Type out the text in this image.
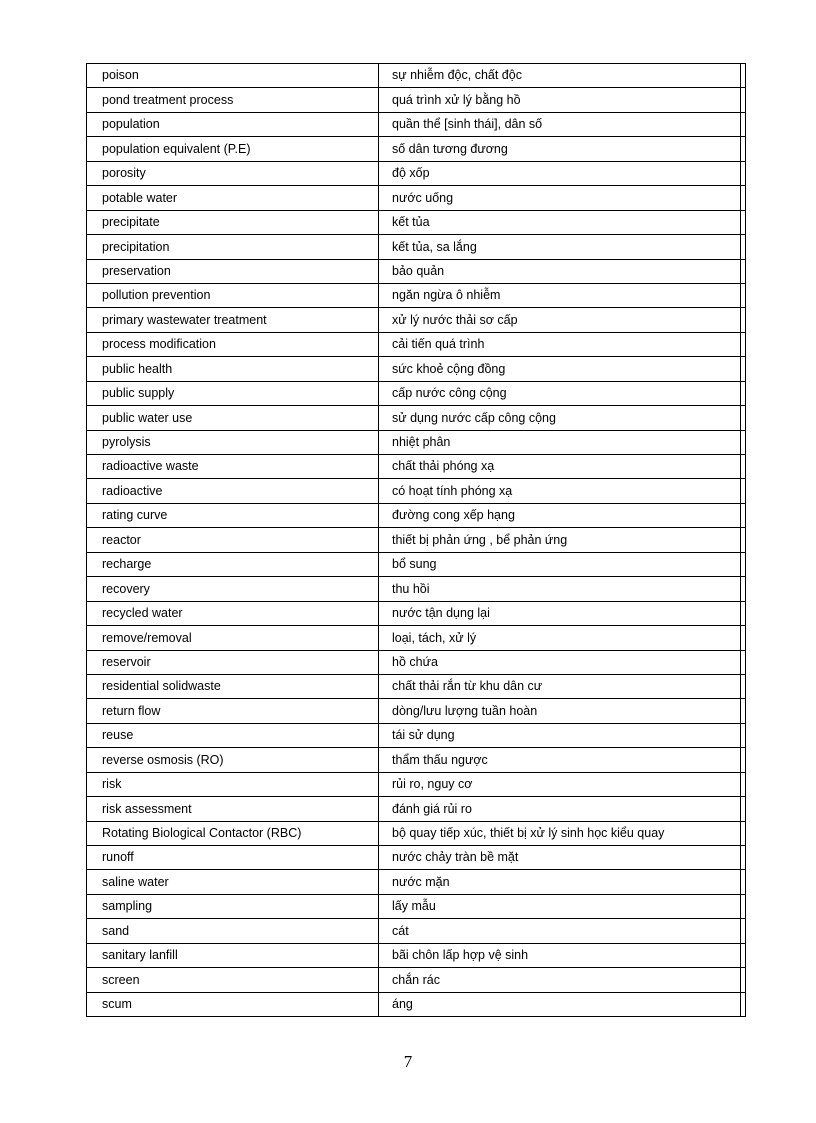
poison	sự nhiễm độc, chất độc	
pond treatment process	quá trình xử lý bằng hồ	
population	quần thể [sinh thái], dân số	
population equivalent (P.E)	số dân tương đương	
porosity	độ xốp	
potable water	nước uống	
precipitate	kết tủa	
precipitation	kết tủa, sa lắng	
preservation	bảo quản	
pollution prevention	ngăn ngừa ô nhiễm	
primary wastewater treatment	xử lý nước thải sơ cấp	
process modification	cải tiến quá trình	
public health	sức khoẻ cộng đồng	
public supply	cấp nước công cộng	
public water use	sử dụng nước cấp công cộng	
pyrolysis	nhiệt phân	
radioactive waste	chất thải phóng xạ	
radioactive	có hoạt tính phóng xạ	
rating curve	đường cong xếp hạng	
reactor	thiết bị phản ứng , bể phản ứng	
recharge	bổ sung	
recovery	thu hồi	
recycled water	nước tận dụng lại	
remove/removal	loại, tách, xử lý	
reservoir	hồ chứa	
residential solidwaste	chất thải rắn từ khu dân cư	
return flow	dòng/lưu lượng tuần hoàn	
reuse	tái sử dụng	
reverse osmosis (RO)	thẩm thấu ngược	
risk	rủi ro, nguy cơ	
risk assessment	đánh giá rủi ro	
Rotating Biological Contactor (RBC)	bộ quay tiếp xúc, thiết bị xử lý sinh học kiểu quay	
runoff	nước chảy tràn bề mặt	
saline water	nước mặn	
sampling	lấy mẫu	
sand	cát	
sanitary lanfill	bãi chôn lấp hợp vệ sinh	
screen	chắn rác	
scum	áng	
7
